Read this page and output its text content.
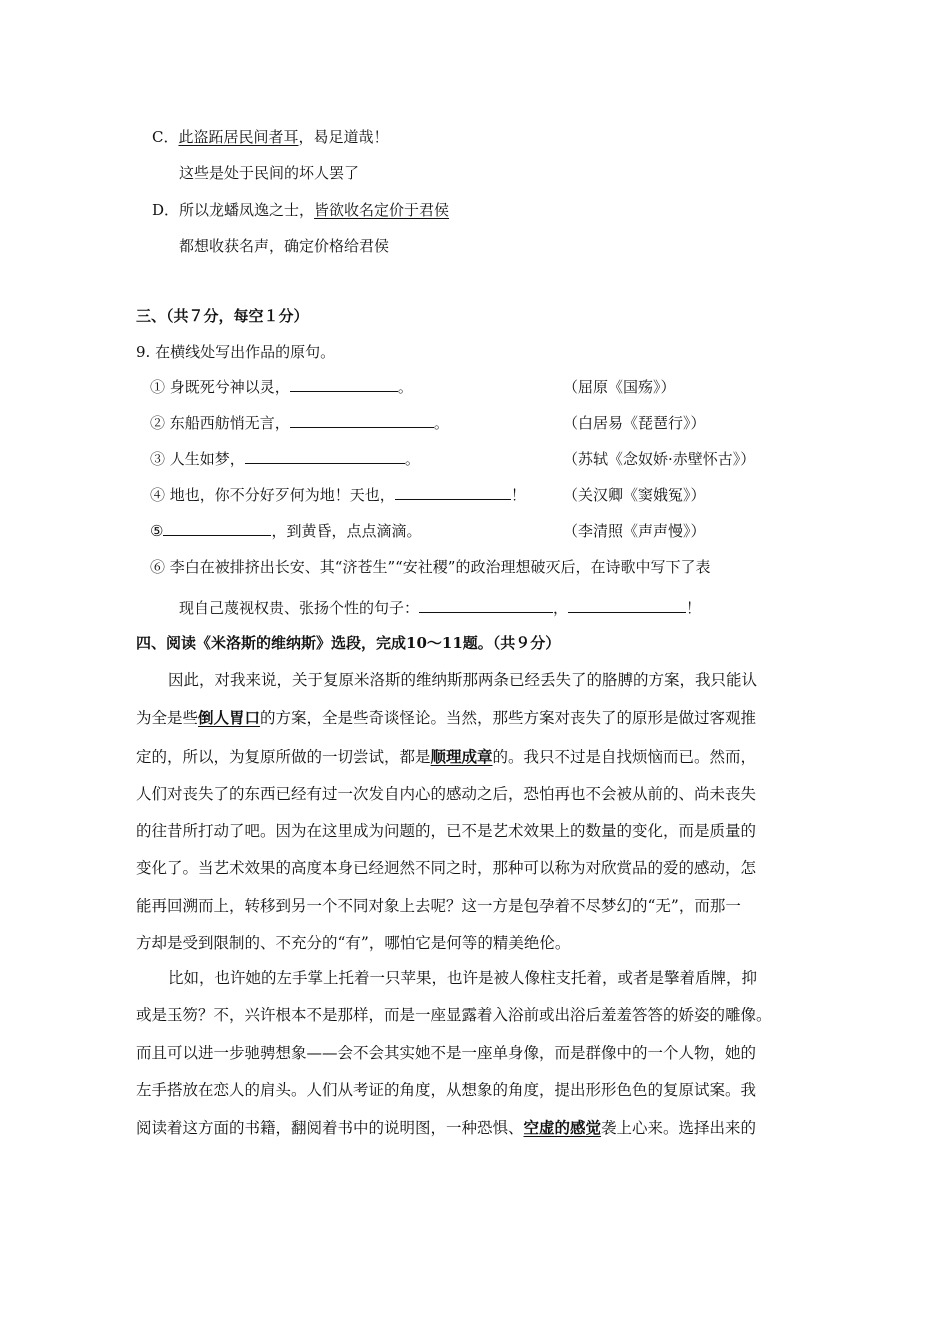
C．此盗跖居民间者耳，曷足道哉！
这些是处于民间的坏人罢了
D．所以龙蟠凤逸之士，皆欲收名定价于君侯
都想收获名声，确定价格给君侯
三、（共７分，每空１分）
9. 在横线处写出作品的原句。
① 身既死兮神以灵，	。	（屈原《国殇》）
② 东船西舫悄无言，	。	（白居易《琵琶行》）
③ 人生如梦，	。	（苏轼《念奴娇·赤壁怀古》）
④ 地也，你不分好歹何为地！天也，	！ （关汉卿《窦娥冤》）
⑤	，到黄昏，点点滴滴。	（李清照《声声慢》）
⑥ 李白在被排挤出长安、其“济苍生”“安社稷”的政治理想破灭后，在诗歌中写下了表
现自己蔑视权贵、张扬个性的句子：	，	！
四、阅读《米洛斯的维纳斯》选段，完成10～11题。（共９分）
因此，对我来说，关于复原米洛斯的维纳斯那两条已经丢失了的胳膊的方案，我只能认
为全是些倒人胃口的方案，全是些奇谈怪论。当然，那些方案对丧失了的原形是做过客观推
定的，所以，为复原所做的一切尝试，都是顺理成章的。我只不过是自找烦恼而已。然而，
人们对丧失了的东西已经有过一次发自内心的感动之后，恐怕再也不会被从前的、尚未丧失
的往昔所打动了吧。因为在这里成为问题的，已不是艺术效果上的数量的变化，而是质量的
变化了。当艺术效果的高度本身已经迥然不同之时，那种可以称为对欣赏品的爱的感动，怎
能再回溯而上，转移到另一个不同对象上去呢？这一方是包孕着不尽梦幻的“无”，而那一
方却是受到限制的、不充分的“有”，哪怕它是何等的精美绝伦。
比如，也许她的左手掌上托着一只苹果，也许是被人像柱支托着，或者是擎着盾牌，抑
或是玉笏？不，兴许根本不是那样，而是一座显露着入浴前或出浴后羞羞答答的娇姿的雕像。
而且可以进一步驰骋想象——会不会其实她不是一座单身像，而是群像中的一个人物，她的
左手搭放在恋人的肩头。人们从考证的角度，从想象的角度，提出形形色色的复原试案。我
阅读着这方面的书籍，翻阅着书中的说明图，一种恐惧、空虚的感觉袭上心来。选择出来的
